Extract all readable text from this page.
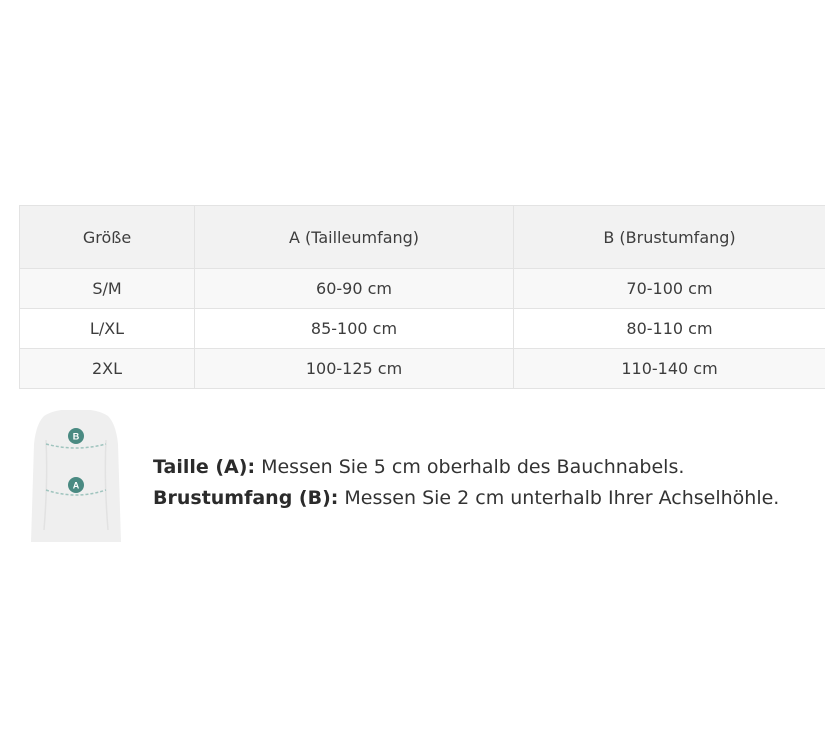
Größe	A (Tailleumfang)	B (Brustumfang)
S/M	60-90 cm	70-100 cm
L/XL	85-100 cm	80-110 cm
2XL	100-125 cm	110-140 cm
B
A
Taille (A): Messen Sie 5 cm oberhalb des Bauchnabels.
Brustumfang (B): Messen Sie 2 cm unterhalb Ihrer Achselhöhle.
